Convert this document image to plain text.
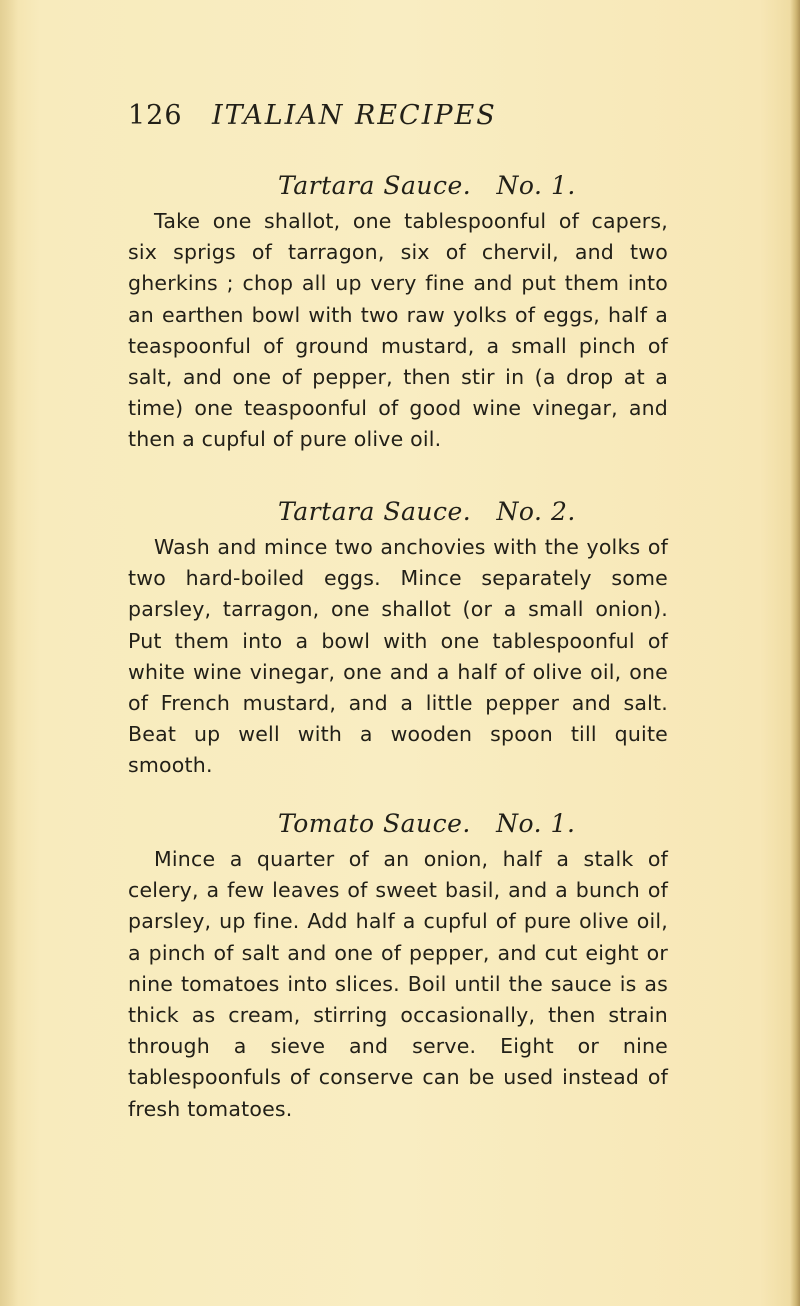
126 ITALIAN RECIPES
Tartara Sauce.   No. 1.

Take one shallot, one tablespoonful of capers, six sprigs of tarragon, six of chervil, and two gherkins ; chop all up very fine and put them into an earthen bowl with two raw yolks of eggs, half a teaspoonful of ground mustard, a small pinch of salt, and one of pepper, then stir in (a drop at a time) one teaspoonful of good wine vinegar, and then a cupful of pure olive oil.

Tartara Sauce.   No. 2.

Wash and mince two anchovies with the yolks of two hard-boiled eggs. Mince separately some parsley, tarragon, one shallot (or a small onion). Put them into a bowl with one tablespoonful of white wine vinegar, one and a half of olive oil, one of French mustard, and a little pepper and salt. Beat up well with a wooden spoon till quite smooth.

Tomato Sauce.   No. 1.

Mince a quarter of an onion, half a stalk of celery, a few leaves of sweet basil, and a bunch of parsley, up fine. Add half a cupful of pure olive oil, a pinch of salt and one of pepper, and cut eight or nine tomatoes into slices. Boil until the sauce is as thick as cream, stirring occasionally, then strain through a sieve and serve. Eight or nine tablespoonfuls of conserve can be used instead of fresh tomatoes.
